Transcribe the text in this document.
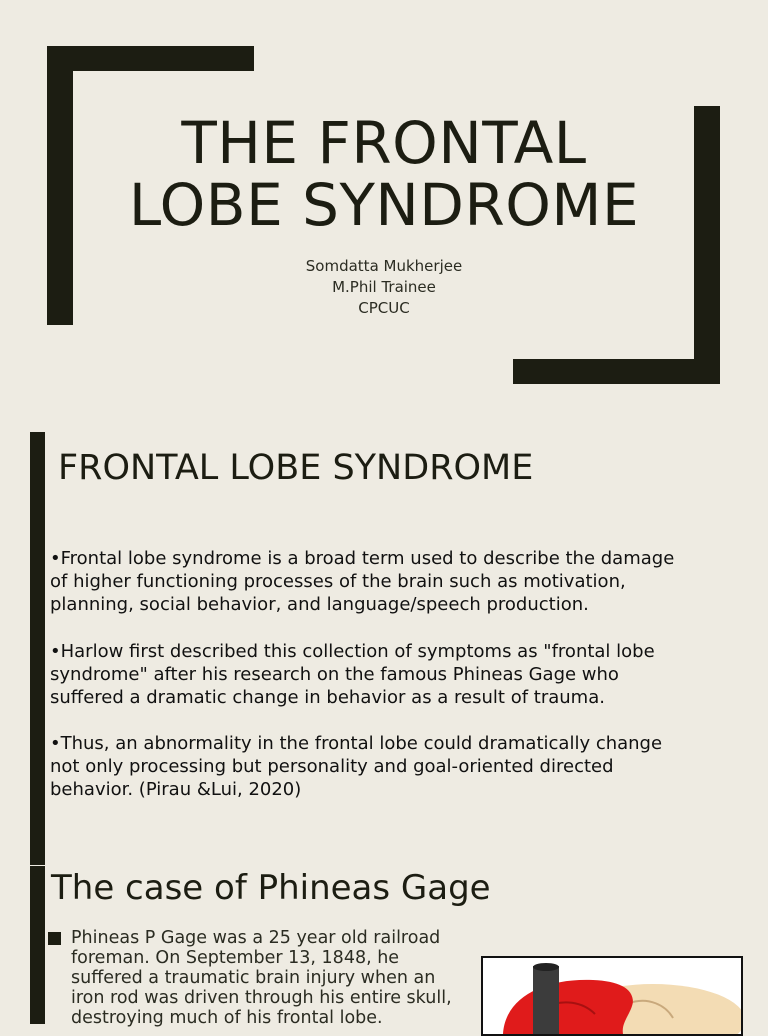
THE FRONTAL
LOBE SYNDROME
Somdatta Mukherjee
M.Phil Trainee
CPCUC
FRONTAL LOBE SYNDROME
•Frontal lobe syndrome is a broad term used to describe the damage
of higher functioning processes of the brain such as motivation,
planning, social behavior, and language/speech production.
•Harlow first described this collection of symptoms as "frontal lobe
syndrome" after his research on the famous Phineas Gage who
suffered a dramatic change in behavior as a result of trauma.
•Thus, an abnormality in the frontal lobe could dramatically change
not only processing but personality and goal-oriented directed
behavior. (Pirau &Lui, 2020)
The case of Phineas Gage
Phineas P Gage was a 25 year old railroad
foreman. On September 13, 1848, he
suffered a traumatic brain injury when an
iron rod was driven through his entire skull,
destroying much of his frontal lobe.
